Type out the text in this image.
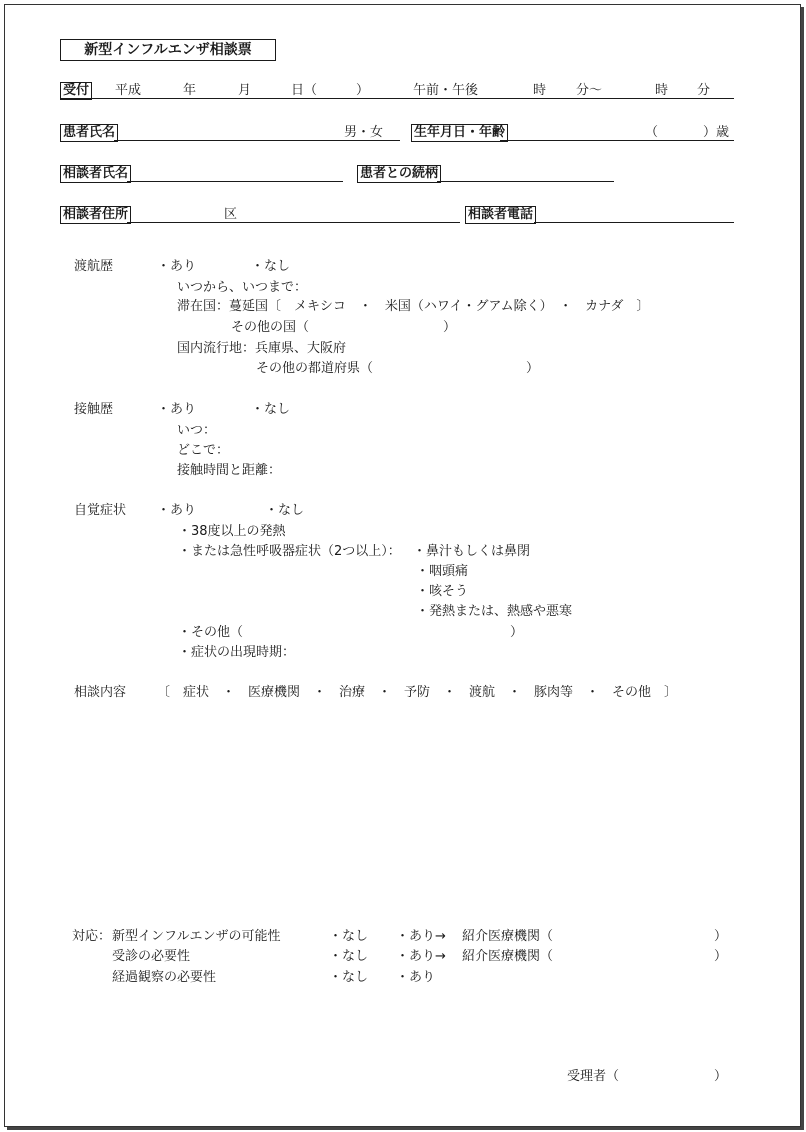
新型インフルエンザ相談票
受付 平成	年	月	日（	）	午前・午後	時 分～	時 分
患者氏名	男・女 生年月日・年齢	（	）歳
相談者氏名	患者との続柄
相談者住所	区	相談者電話
渡航歴	・あり	・なし
いつから、いつまで：
滞在国：蔓延国〔　メキシコ　・　米国（ハワイ・グアム除く）　・　カナダ　〕
その他の国（	）
国内流行地：兵庫県、大阪府
その他の都道府県（	）
接触歴	・あり	・なし
いつ：
どこで：
接触時間と距離：
自覚症状 ・あり	・なし
・38度以上の発熱
・または急性呼吸器症状（2つ以上）： ・鼻汁もしくは鼻閉
・咽頭痛
・咳そう
・発熱または、熱感や悪寒
・その他（	）
・症状の出現時期：
相談内容 〔　症状　・　医療機関　・　治療　・　予防　・　渡航　・　豚肉等　・　その他　〕
対応： 新型インフルエンザの可能性	・なし ・あり→ 紹介医療機関（	）
受診の必要性	・なし ・あり→ 紹介医療機関（	）
経過観察の必要性	・なし ・あり
受理者（	）
